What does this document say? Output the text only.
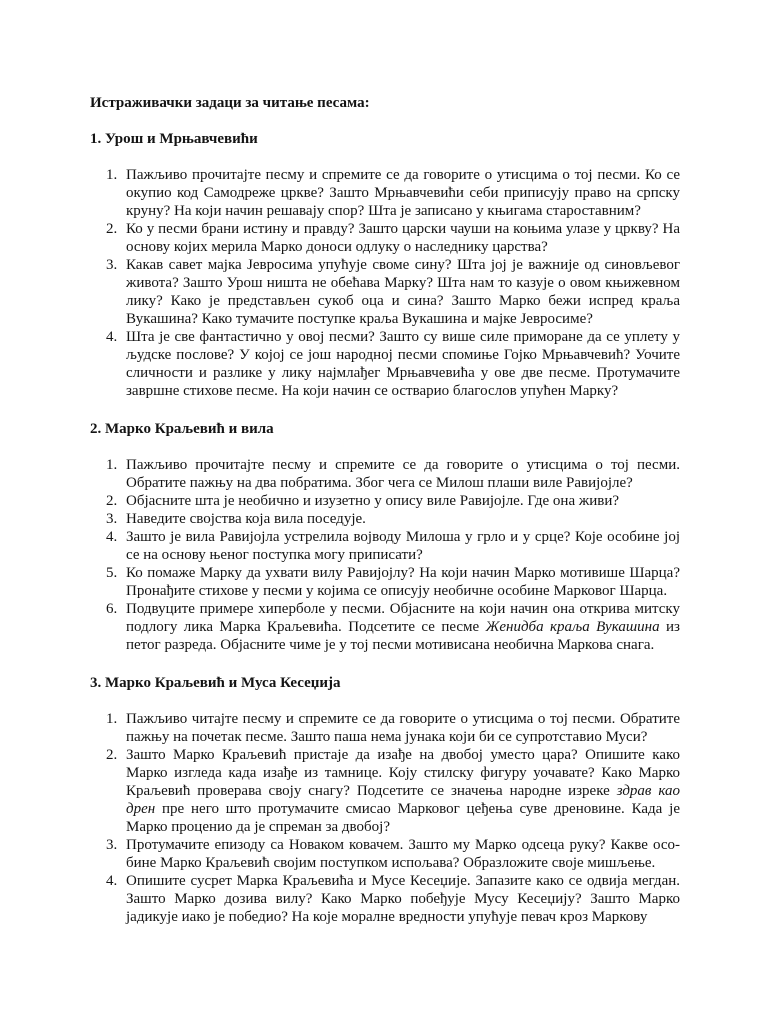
Истраживачки задаци за читање песама:

1. Урош и Мрњавчевићи

1. Пажљиво прочитајте песму и спремите се да говорите о утисцима о тој песми. Ко се окупио код Самодреже цркве? Зашто Мрњавчевићи себи приписују право на српску круну? На који начин решавају спор? Шта је записано у књигама староставним?
2. Ко у песми брани истину и правду? Зашто царски чауши на коњима улазе у цркву? На основу којих мерила Марко доноси одлуку о наследнику царства?
3. Какав савет мајка Јевросима упућује своме сину? Шта јој је важније од синовљевог живота? Зашто Урош ништа не обећава Марку? Шта нам то казује о овом књижевном лику? Како је представљен сукоб оца и сина? Зашто Марко бежи испред краља Вукашина? Како тумачите поступке краља Вукашина и мајке Јевросиме?
4. Шта је све фантастично у овој песми? Зашто су више силе приморане да се уплету у људске послове? У којој се још народној песми спомиње Гојко Мрњавчевић? Уочите сличности и разлике у лику најмлађег Мрњавчевића у ове две песме. Протумачите завршне стихове песме. На који начин се остварио благослов упућен Марку?

2. Марко Краљевић и вила

1. Пажљиво прочитајте песму и спремите се да говорите о утисцима о тој песми. Обратите пажњу на два побратима. Због чега се Милош плаши виле Равијојле?
2. Објасните шта је необично и изузетно у опису виле Равијојле. Где она живи?
3. Наведите својства која вила поседује.
4. Зашто је вила Равијојла устрелила војводу Милоша у грло и у срце? Које особине јој се на основу њеног поступка могу приписати?
5. Ко помаже Марку да ухвати вилу Равијојлу? На који начин Марко мотивише Шарца? Пронађите стихове у песми у којима се описују необичне особине Марковог Шарца.
6. Подвуците примере хиперболе у песми. Објасните на који начин она открива митску подлогу лика Марка Краљевића. Подсетите се песме Женидба краља Вукашина из петог разреда. Објасните чиме је у тој песми мотивисана необична Маркова снага.

3. Марко Краљевић и Муса Кесеџија

1. Пажљиво читајте песму и спремите се да говорите о утисцима о тој песми. Обратите пажњу на почетак песме. Зашто паша нема јунака који би се супротставио Муси?
2. Зашто Марко Краљевић пристаје да изађе на двобој уместо цара? Опишите како Марко изгледа када изађе из тамнице. Коју стилску фигуру уочавате? Како Марко Краљевић проверава своју снагу? Подсетите се значења народне изреке здрав као дрен пре него што протумачите смисао Марковог цеђења суве дреновине. Када је Марко проценио да је спреман за двобој?
3. Протумачите епизоду са Новаком ковачем. Зашто му Марко одсеца руку? Какве осо-бине Марко Краљевић својим поступком испољава? Образложите своје мишљење.
4. Опишите сусрет Марка Краљевића и Мусе Кесеџије. Запазите како се одвија мегдан. Зашто Марко дозива вилу? Како Марко побеђује Мусу Кесеџију? Зашто Марко јадикује иако је победио? На које моралне вредности упућује певач кроз Маркову
